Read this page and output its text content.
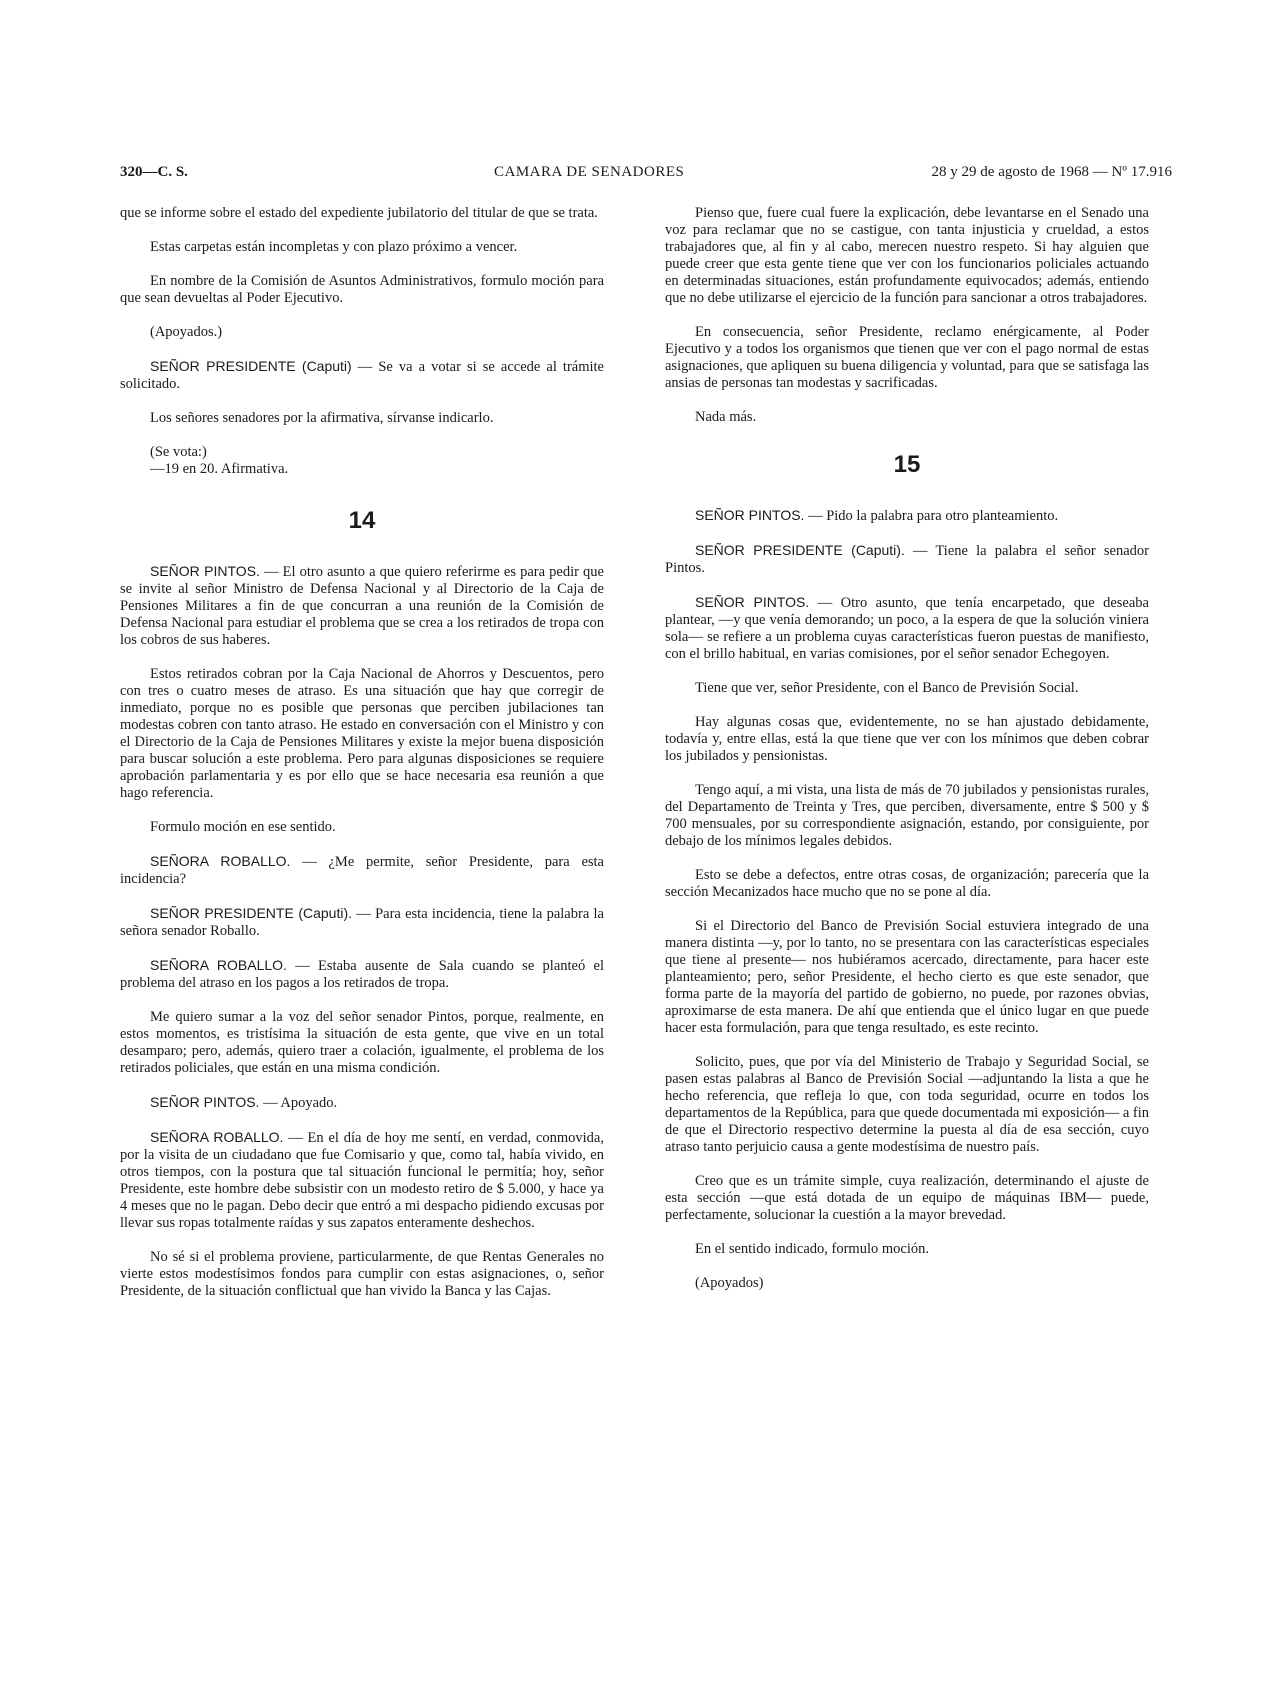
320—C. S.	CAMARA DE SENADORES	28 y 29 de agosto de 1968 — Nº 17.916

que se informe sobre el estado del expediente jubilatorio del titular de que se trata.

Estas carpetas están incompletas y con plazo próximo a vencer.

En nombre de la Comisión de Asuntos Administrativos, formulo moción para que sean devueltas al Poder Ejecutivo.

(Apoyados.)

SEÑOR PRESIDENTE (Caputi) — Se va a votar si se accede al trámite solicitado.

Los señores senadores por la afirmativa, sírvanse indicarlo.

(Se vota:)

—19 en 20. Afirmativa.

14

SEÑOR PINTOS. — El otro asunto a que quiero referirme es para pedir que se invite al señor Ministro de Defensa Nacional y al Directorio de la Caja de Pensiones Militares a fin de que concurran a una reunión de la Comisión de Defensa Nacional para estudiar el problema que se crea a los retirados de tropa con los cobros de sus haberes.

Estos retirados cobran por la Caja Nacional de Ahorros y Descuentos, pero con tres o cuatro meses de atraso. Es una situación que hay que corregir de inmediato, porque no es posible que personas que perciben jubilaciones tan modestas cobren con tanto atraso. He estado en conversación con el Ministro y con el Directorio de la Caja de Pensiones Militares y existe la mejor buena disposición para buscar solución a este problema. Pero para algunas disposiciones se requiere aprobación parlamentaria y es por ello que se hace necesaria esa reunión a que hago referencia.

Formulo moción en ese sentido.

SEÑORA ROBALLO. — ¿Me permite, señor Presidente, para esta incidencia?

SEÑOR PRESIDENTE (Caputi). — Para esta incidencia, tiene la palabra la señora senador Roballo.

SEÑORA ROBALLO. — Estaba ausente de Sala cuando se planteó el problema del atraso en los pagos a los retirados de tropa.

Me quiero sumar a la voz del señor senador Pintos, porque, realmente, en estos momentos, es tristísima la situación de esta gente, que vive en un total desamparo; pero, además, quiero traer a colación, igualmente, el problema de los retirados policiales, que están en una misma condición.

SEÑOR PINTOS. — Apoyado.

SEÑORA ROBALLO. — En el día de hoy me sentí, en verdad, conmovida, por la visita de un ciudadano que fue Comisario y que, como tal, había vivido, en otros tiempos, con la postura que tal situación funcional le permitía; hoy, señor Presidente, este hombre debe subsistir con un modesto retiro de $ 5.000, y hace ya 4 meses que no le pagan. Debo decir que entró a mi despacho pidiendo excusas por llevar sus ropas totalmente raídas y sus zapatos enteramente deshechos.

No sé si el problema proviene, particularmente, de que Rentas Generales no vierte estos modestísimos fondos para cumplir con estas asignaciones, o, señor Presidente, de la situación conflictual que han vivido la Banca y las Cajas.

Pienso que, fuere cual fuere la explicación, debe levantarse en el Senado una voz para reclamar que no se castigue, con tanta injusticia y crueldad, a estos trabajadores que, al fin y al cabo, merecen nuestro respeto. Si hay alguien que puede creer que esta gente tiene que ver con los funcionarios policiales actuando en determinadas situaciones, están profundamente equivocados; además, entiendo que no debe utilizarse el ejercicio de la función para sancionar a otros trabajadores.

En consecuencia, señor Presidente, reclamo enérgicamente, al Poder Ejecutivo y a todos los organismos que tienen que ver con el pago normal de estas asignaciones, que apliquen su buena diligencia y voluntad, para que se satisfaga las ansias de personas tan modestas y sacrificadas.

Nada más.

15

SEÑOR PINTOS. — Pido la palabra para otro planteamiento.

SEÑOR PRESIDENTE (Caputi). — Tiene la palabra el señor senador Pintos.

SEÑOR PINTOS. — Otro asunto, que tenía encarpetado, que deseaba plantear, —y que venía demorando; un poco, a la espera de que la solución viniera sola— se refiere a un problema cuyas características fueron puestas de manifiesto, con el brillo habitual, en varias comisiones, por el señor senador Echegoyen.

Tiene que ver, señor Presidente, con el Banco de Previsión Social.

Hay algunas cosas que, evidentemente, no se han ajustado debidamente, todavía y, entre ellas, está la que tiene que ver con los mínimos que deben cobrar los jubilados y pensionistas.

Tengo aquí, a mi vista, una lista de más de 70 jubilados y pensionistas rurales, del Departamento de Treinta y Tres, que perciben, diversamente, entre $ 500 y $ 700 mensuales, por su correspondiente asignación, estando, por consiguiente, por debajo de los mínimos legales debidos.

Esto se debe a defectos, entre otras cosas, de organización; parecería que la sección Mecanizados hace mucho que no se pone al día.

Si el Directorio del Banco de Previsión Social estuviera integrado de una manera distinta —y, por lo tanto, no se presentara con las características especiales que tiene al presente— nos hubiéramos acercado, directamente, para hacer este planteamiento; pero, señor Presidente, el hecho cierto es que este senador, que forma parte de la mayoría del partido de gobierno, no puede, por razones obvias, aproximarse de esta manera. De ahí que entienda que el único lugar en que puede hacer esta formulación, para que tenga resultado, es este recinto.

Solicito, pues, que por vía del Ministerio de Trabajo y Seguridad Social, se pasen estas palabras al Banco de Previsión Social —adjuntando la lista a que he hecho referencia, que refleja lo que, con toda seguridad, ocurre en todos los departamentos de la República, para que quede documentada mi exposición— a fin de que el Directorio respectivo determine la puesta al día de esa sección, cuyo atraso tanto perjuicio causa a gente modestísima de nuestro país.

Creo que es un trámite simple, cuya realización, determinando el ajuste de esta sección —que está dotada de un equipo de máquinas IBM— puede, perfectamente, solucionar la cuestión a la mayor brevedad.

En el sentido indicado, formulo moción.

(Apoyados)
